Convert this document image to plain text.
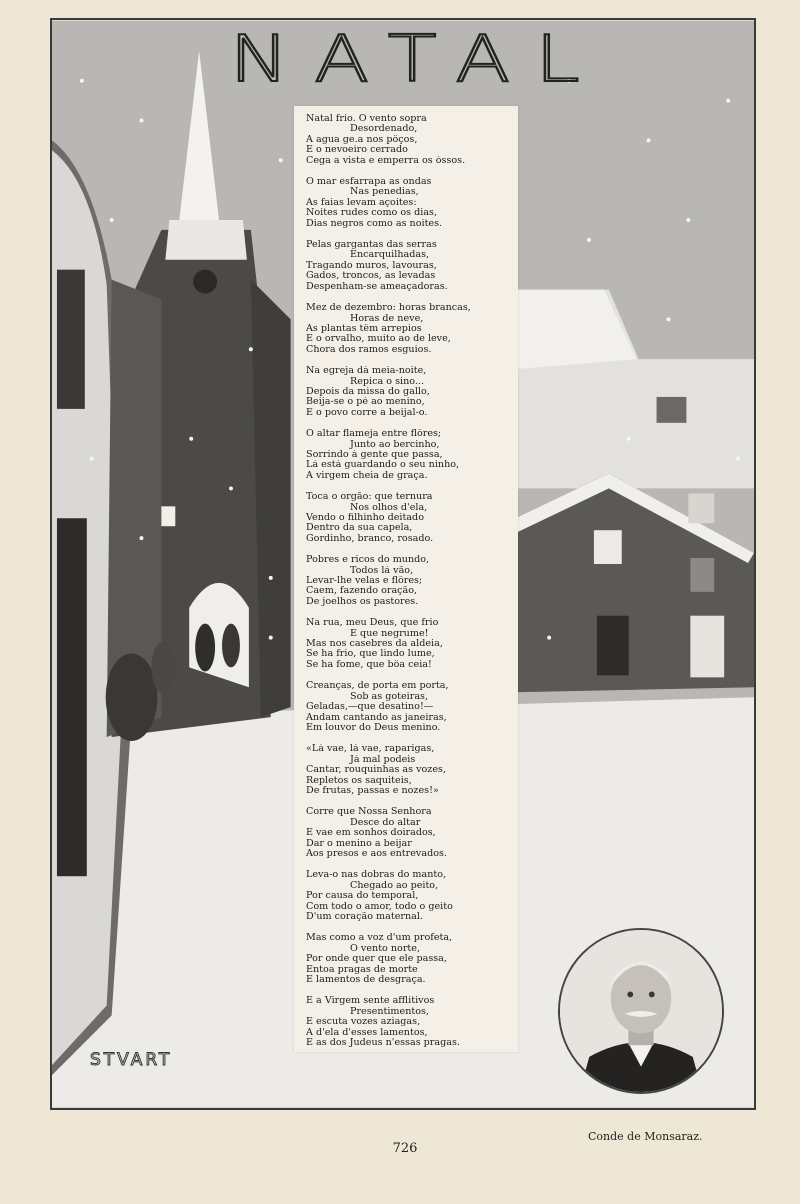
NATAL
Natal frio. O vento sopra
Desordenado,
A agua ge.a nos pôços,
E o nevoeiro cerrado
Cega a vista e emperra os óssos.
O mar esfarrapa as ondas
Nas penedias,
As faias levam açoites:
Noites rudes como os dias,
Dias negros como as noites.
Pelas gargantas das serras
Encarquilhadas,
Tragando muros, lavouras,
Gados, troncos, as levadas
Despenham-se ameaçadoras.
Mez de dezembro: horas brancas,
Horas de neve,
As plantas têm arrepios
E o orvalho, muito ao de leve,
Chora dos ramos esguios.
Na egreja dá meia-noite,
Repica o sino...
Depois da missa do gallo,
Beija-se o pé ao menino,
E o povo corre a beijal-o.
O altar flameja entre flôres;
Junto ao bercinho,
Sorrindo á gente que passa,
Lá está guardando o seu ninho,
A virgem cheia de graça.
Toca o orgão: que ternura
Nos olhos d'ela,
Vendo o filhinho deitado
Dentro da sua capela,
Gordinho, branco, rosado.
Pobres e ricos do mundo,
Todos lá vão,
Levar-lhe velas e flôres;
Caem, fazendo oração,
De joelhos os pastores.
Na rua, meu Deus, que frio
E que negrume!
Mas nos casebres da aldeia,
Se ha frio, que lindo lume,
Se ha fome, que bôa ceia!
Creanças, de porta em porta,
Sob as goteiras,
Geladas,—que desatino!—
Andam cantando as janeiras,
Em louvor do Deus menino.
«Lá vae, lá vae, raparigas,
Já mal podeis
Cantar, rouquinhas as vozes,
Repletos os saquiteis,
De frutas, passas e nozes!»
Corre que Nossa Senhora
Desce do altar
E vae em sonhos doirados,
Dar o menino a beijar
Aos presos e aos entrevados.
Leva-o nas dobras do manto,
Chegado ao peito,
Por causa do temporal,
Com todo o amor, todo o geito
D'um coração maternal.
Mas como a voz d'um profeta,
O vento norte,
Por onde quer que ele passa,
Entoa pragas de morte
E lamentos de desgraça.
E a Virgem sente afflitivos
Presentimentos,
E escuta vozes aziagas,
A d'ela d'esses lamentos,
E as dos Judeus n'essas pragas.

STVART

726

Conde de Monsaraz.
